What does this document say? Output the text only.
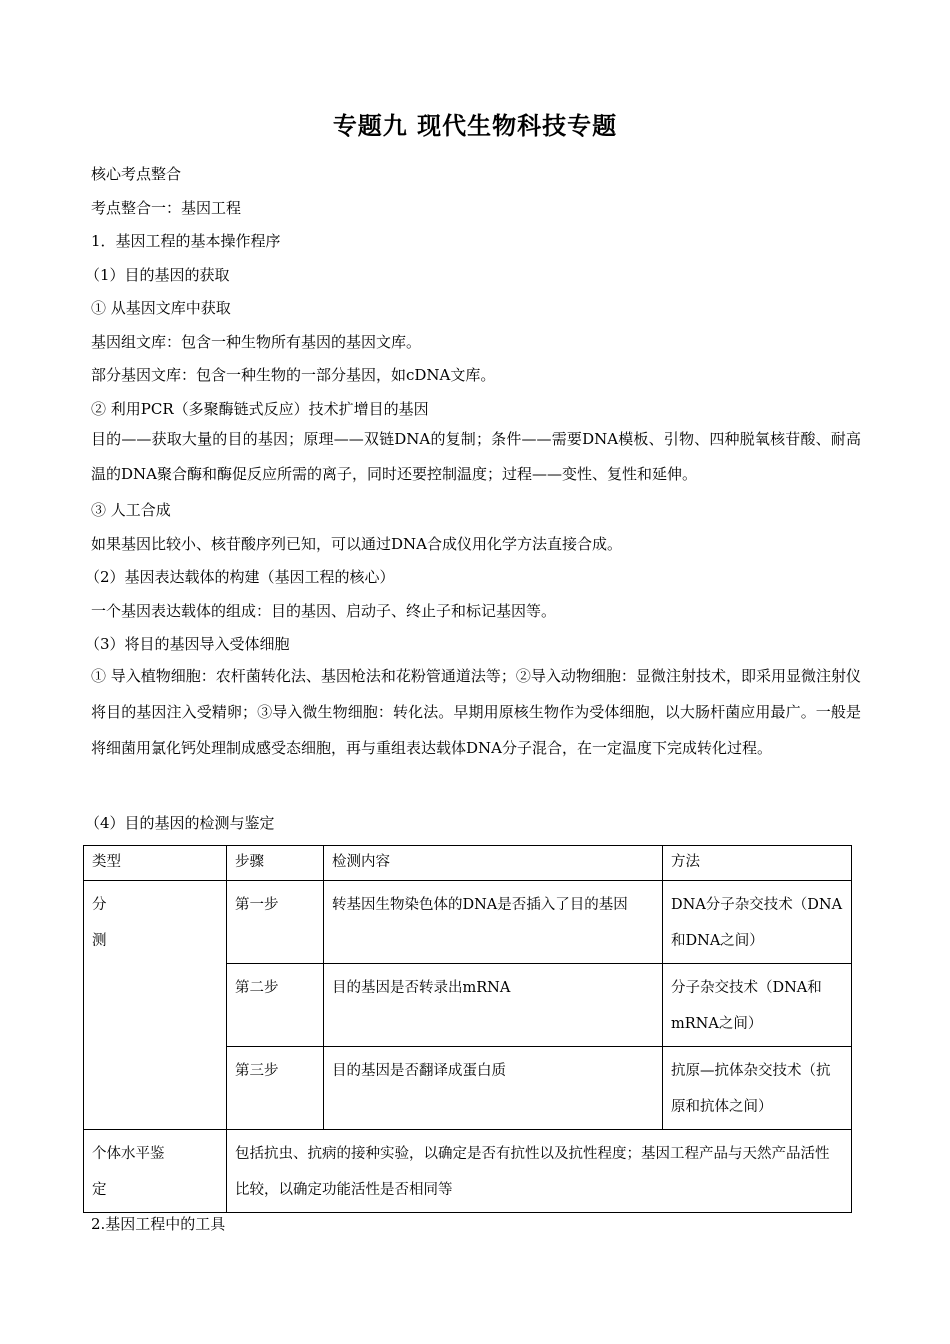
专题九 现代生物科技专题
核心考点整合
考点整合一：基因工程
1．基因工程的基本操作程序
（1）目的基因的获取
① 从基因文库中获取
基因组文库：包含一种生物所有基因的基因文库。
部分基因文库：包含一种生物的一部分基因，如cDNA文库。
② 利用PCR（多聚酶链式反应）技术扩增目的基因
目的——获取大量的目的基因；原理——双链DNA的复制；条件——需要DNA模板、引物、四种脱氧核苷酸、耐高温的DNA聚合酶和酶促反应所需的离子，同时还要控制温度；过程——变性、复性和延伸。
③ 人工合成
如果基因比较小、核苷酸序列已知，可以通过DNA合成仪用化学方法直接合成。
（2）基因表达载体的构建（基因工程的核心）
一个基因表达载体的组成：目的基因、启动子、终止子和标记基因等。
（3）将目的基因导入受体细胞
① 导入植物细胞：农杆菌转化法、基因枪法和花粉管通道法等；②导入动物细胞：显微注射技术，即采用显微注射仪将目的基因注入受精卵；③导入微生物细胞：转化法。早期用原核生物作为受体细胞，以大肠杆菌应用最广。一般是将细菌用氯化钙处理制成感受态细胞，再与重组表达载体DNA分子混合，在一定温度下完成转化过程。
（4）目的基因的检测与鉴定
类型	步骤	检测内容	方法

分
测	第一步	转基因生物染色体的DNA是否插入了目的基因	DNA分子杂交技术（DNA和DNA之间）
	第二步	目的基因是否转录出mRNA	分子杂交技术（DNA和mRNA之间）
	第三步	目的基因是否翻译成蛋白质	抗原—抗体杂交技术（抗原和抗体之间）
个体水平鉴定	包括抗虫、抗病的接种实验，以确定是否有抗性以及抗性程度；基因工程产品与天然产品活性比较，以确定功能活性是否相同等		
2.基因工程中的工具
